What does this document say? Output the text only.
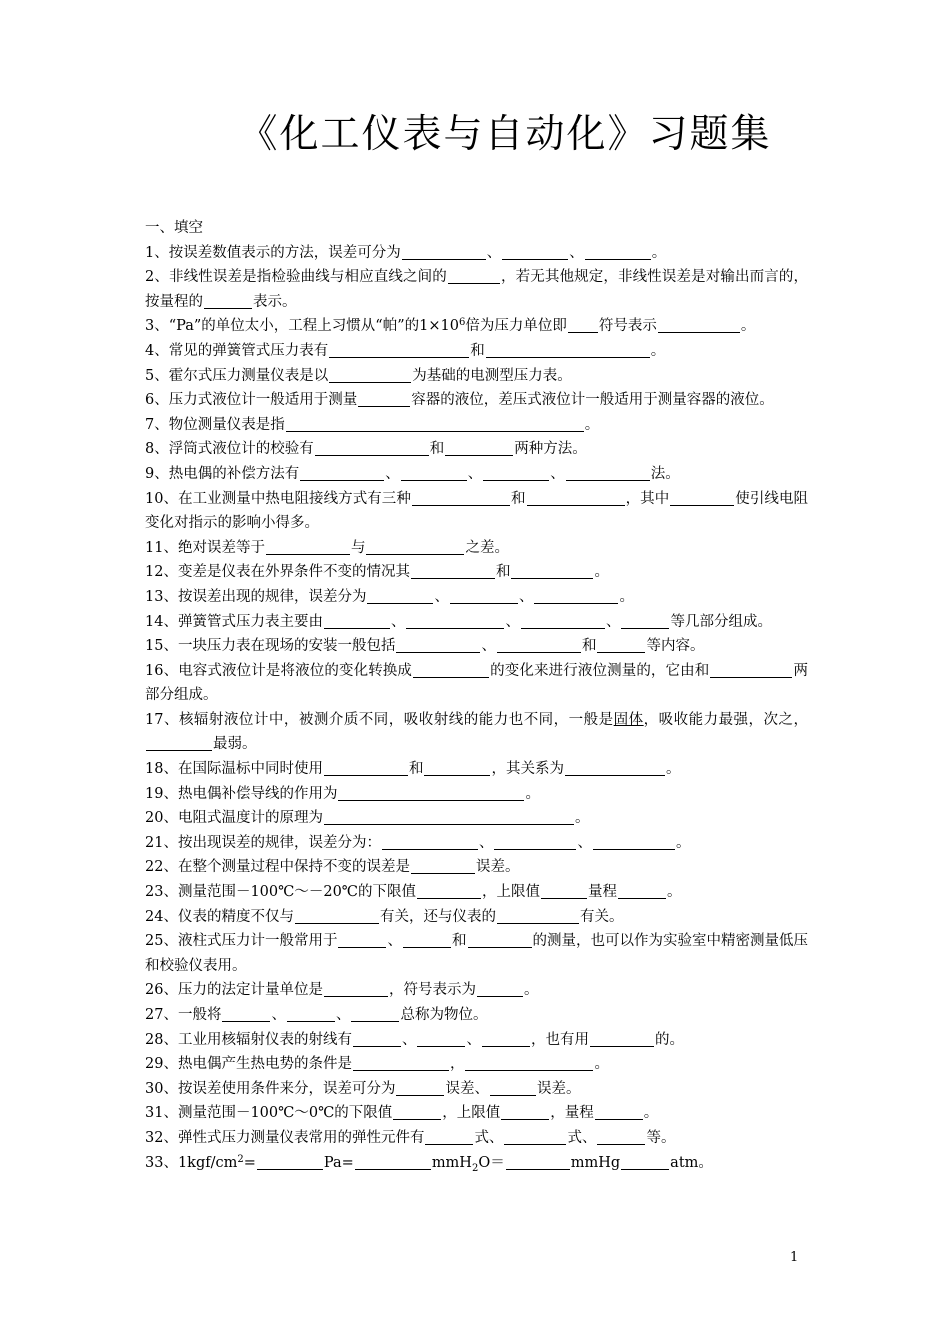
《化工仪表与自动化》习题集

一、填空

1、按误差数值表示的方法，误差可分为	、	、	。

2、非线性误差是指检验曲线与相应直线之间的	，若无其他规定，非线性误差是对输出而言的，按量程的	表示。

3、“Pa”的单位太小，工程上习惯从“帕”的$1\times 10^6$倍为压力单位即 符号表示	。

4、常见的弹簧管式压力表有	和	。

5、霍尔式压力测量仪表是以	为基础的电测型压力表。

6、压力式液位计一般适用于测量	容器的液位，差压式液位计一般适用于测量容器的液位。

7、物位测量仪表是指	。

8、浮筒式液位计的校验有	和	两种方法。

9、热电偶的补偿方法有	、	、	、	法。

10、在工业测量中热电阻接线方式有三种	和	，其中	使引线电阻变化对指示的影响小得多。

11、绝对误差等于	与	之差。

12、变差是仪表在外界条件不变的情况其	和	。

13、按误差出现的规律，误差分为	、	、	。

14、弹簧管式压力表主要由	、	、	、	等几部分组成。

15、一块压力表在现场的安装一般包括	、	和	等内容。

16、电容式液位计是将液位的变化转换成	的变化来进行液位测量的，它由和	两部分组成。

17、核辐射液位计中，被测介质不同，吸收射线的能力也不同，一般是固体，吸收能力最强，次之，最弱。

18、在国际温标中同时使用	和	，其关系为	。

19、热电偶补偿导线的作用为	。

20、电阻式温度计的原理为	。

21、按出现误差的规律，误差分为：	、	、	。

22、在整个测量过程中保持不变的误差是	误差。

23、测量范围－100℃～－20℃的下限值	，上限值	量程	。

24、仪表的精度不仅与	有关，还与仪表的	有关。

25、液柱式压力计一般常用于	、	和	的测量，也可以作为实验室中精密测量低压和校验仪表用。

26、压力的法定计量单位是	，符号表示为	。

27、一般将	、	、	总称为物位。

28、工业用核辐射仪表的射线有	、	、	，也有用	的。

29、热电偶产生热电势的条件是	，	。

30、按误差使用条件来分，误差可分为	误差、	误差。

31、测量范围－100℃～0℃的下限值	，上限值	，量程	。

32、弹性式压力测量仪表常用的弹性元件有	式、	式、	等。

33、$1kgf/cm^2=$	Pa=	mmH$_2$O＝	mmHg	atm。

1
